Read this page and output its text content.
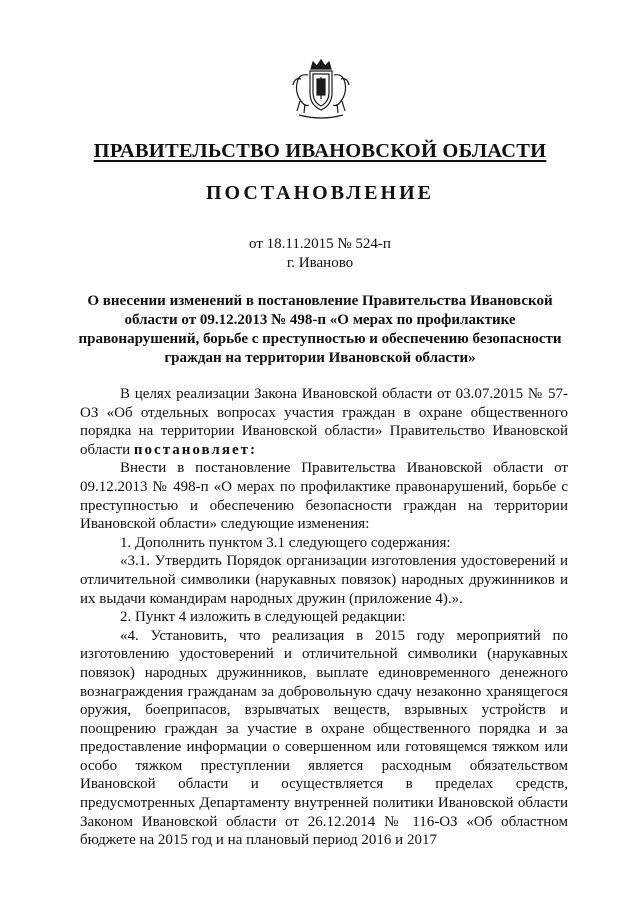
ПРАВИТЕЛЬСТВО ИВАНОВСКОЙ ОБЛАСТИ
ПОСТАНОВЛЕНИЕ
от 18.11.2015 № 524-п
г. Иваново
О внесении изменений в постановление Правительства Ивановской области от 09.12.2013 № 498-п «О мерах по профилактике правонарушений, борьбе с преступностью и обеспечению безопасности граждан на территории Ивановской области»

В целях реализации Закона Ивановской области от 03.07.2015 № 57-ОЗ «Об отдельных вопросах участия граждан в охране общественного порядка на территории Ивановской области» Правительство Ивановской области постановляет:

Внести в постановление Правительства Ивановской области от 09.12.2013 № 498-п «О мерах по профилактике правонарушений, борьбе с преступностью и обеспечению безопасности граждан на территории Ивановской области» следующие изменения:

1. Дополнить пунктом 3.1 следующего содержания:

«3.1. Утвердить Порядок организации изготовления удостоверений и отличительной символики (нарукавных повязок) народных дружинников и их выдачи командирам народных дружин (приложение 4).».

2. Пункт 4 изложить в следующей редакции:

«4. Установить, что реализация в 2015 году мероприятий по изготовлению удостоверений и отличительной символики (нарукавных повязок) народных дружинников, выплате единовременного денежного вознаграждения гражданам за добровольную сдачу незаконно хранящегося оружия, боеприпасов, взрывчатых веществ, взрывных устройств и поощрению граждан за участие в охране общественного порядка и за предоставление информации о совершенном или готовящемся тяжком или особо тяжком преступлении является расходным обязательством Ивановской области и осуществляется в пределах средств, предусмотренных Департаменту внутренней политики Ивановской области Законом Ивановской области от 26.12.2014 № 116-ОЗ «Об областном бюджете на 2015 год и на плановый период 2016 и 2017
